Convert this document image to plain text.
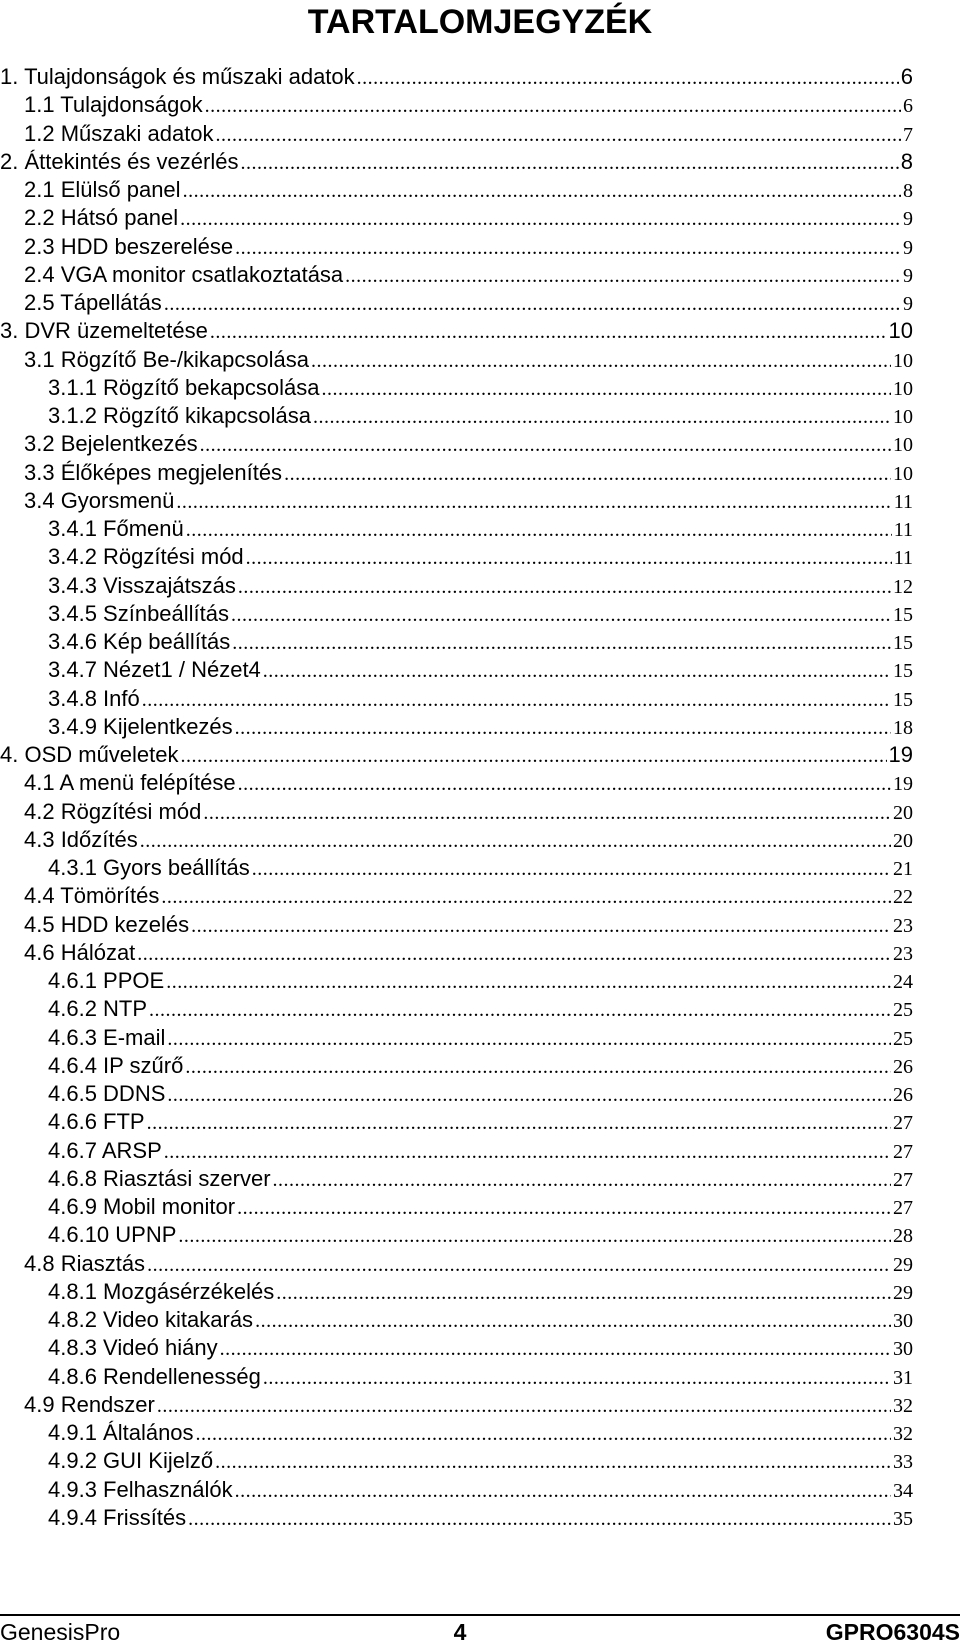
TARTALOMJEGYZÉK
1. Tulajdonságok és műszaki adatok .....	6
1.1 Tulajdonságok .....	6
1.2 Műszaki adatok .....	7
2. Áttekintés és vezérlés .....	8
2.1 Elülső panel .....	8
2.2 Hátsó panel .....	9
2.3 HDD beszerelése .....	9
2.4 VGA monitor csatlakoztatása .....	9
2.5 Tápellátás .....	9
3. DVR üzemeltetése .....	10
3.1 Rögzítő Be-/kikapcsolása .....	10
3.1.1 Rögzítő bekapcsolása .....	10
3.1.2 Rögzítő kikapcsolása .....	10
3.2 Bejelentkezés .....	10
3.3 Élőképes megjelenítés .....	10
3.4 Gyorsmenü .....	11
3.4.1 Főmenü .....	11
3.4.2 Rögzítési mód .....	11
3.4.3 Visszajátszás .....	12
3.4.5 Színbeállítás .....	15
3.4.6 Kép beállítás .....	15
3.4.7 Nézet1 / Nézet4 .....	15
3.4.8 Infó .....	15
3.4.9 Kijelentkezés .....	18
4. OSD műveletek .....	19
4.1 A menü felépítése .....	19
4.2 Rögzítési mód .....	20
4.3 Időzítés .....	20
4.3.1 Gyors beállítás .....	21
4.4 Tömörítés .....	22
4.5 HDD kezelés .....	23
4.6 Hálózat .....	23
4.6.1 PPOE .....	24
4.6.2 NTP .....	25
4.6.3 E-mail .....	25
4.6.4 IP szűrő .....	26
4.6.5 DDNS .....	26
4.6.6 FTP .....	27
4.6.7 ARSP .....	27
4.6.8 Riasztási szerver .....	27
4.6.9 Mobil monitor .....	27
4.6.10 UPNP .....	28
4.8 Riasztás .....	29
4.8.1 Mozgásérzékelés .....	29
4.8.2 Video kitakarás .....	30
4.8.3 Videó hiány .....	30
4.8.6 Rendellenesség .....	31
4.9 Rendszer .....	32
4.9.1 Általános .....	32
4.9.2 GUI Kijelző .....	33
4.9.3 Felhasználók .....	34
4.9.4 Frissítés .....	35
GenesisPro	4	GPRO6304S
